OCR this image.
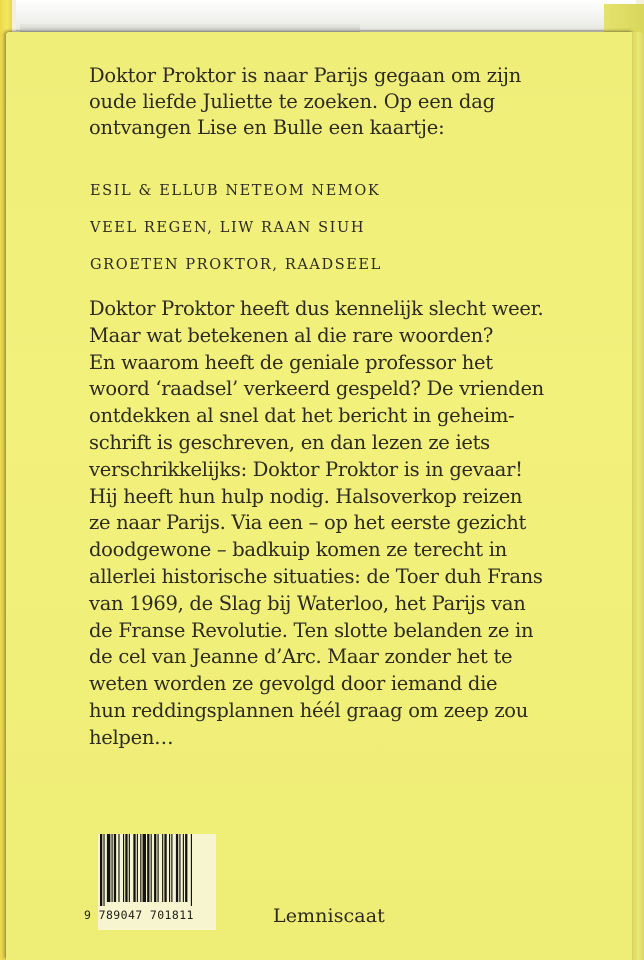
Doktor Proktor is naar Parijs gegaan om zijn

oude liefde Juliette te zoeken. Op een dag

ontvangen Lise en Bulle een kaartje:

ESIL & ELLUB NETEOM NEMOK
VEEL REGEN, LIW RAAN SIUH
GROETEN PROKTOR, RAADSEEL
Doktor Proktor heeft dus kennelijk slecht weer.
Maar wat betekenen al die rare woorden?
En waarom heeft de geniale professor het
woord ‘raadsel’ verkeerd gespeld? De vrienden
ontdekken al snel dat het bericht in geheim-
schrift is geschreven, en dan lezen ze iets
verschrikkelijks: Doktor Proktor is in gevaar!
Hij heeft hun hulp nodig. Halsoverkop reizen
ze naar Parijs. Via een – op het eerste gezicht
doodgewone – badkuip komen ze terecht in
allerlei historische situaties: de Toer duh Frans
van 1969, de Slag bij Waterloo, het Parijs van
de Franse Revolutie. Ten slotte belanden ze in
de cel van Jeanne d’Arc. Maar zonder het te
weten worden ze gevolgd door iemand die
hun reddingsplannen héél graag om zeep zou
helpen…
9 789047 701811	Lemniscaat
